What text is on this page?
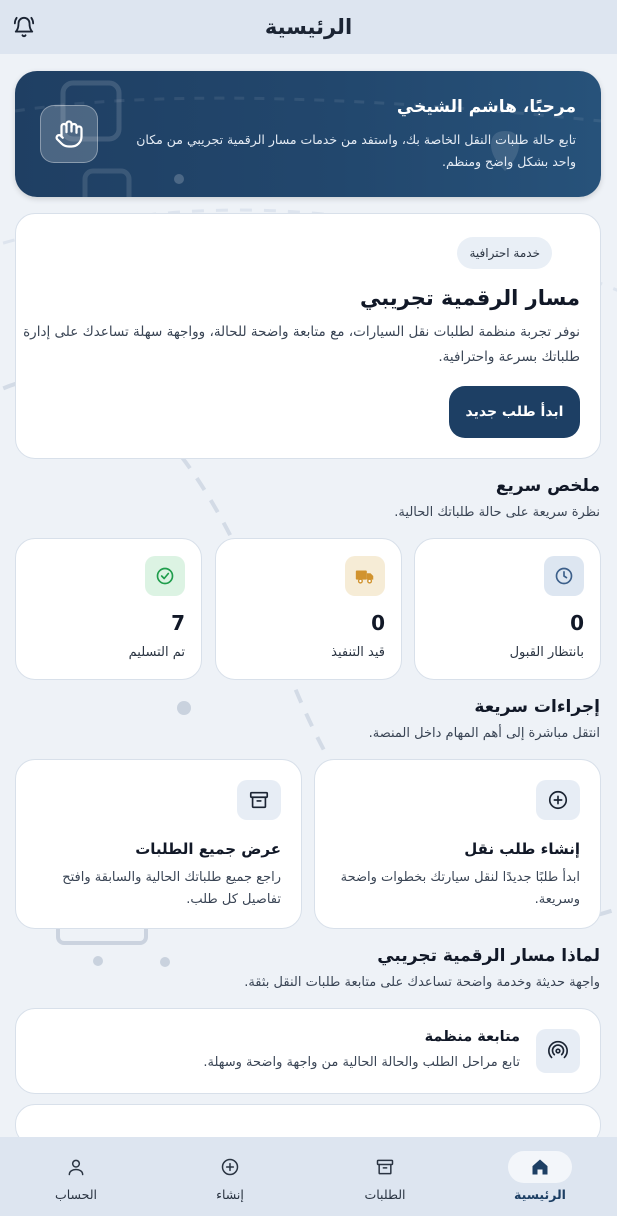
الرئيسية
مرحبًا، هاشم الشيخي

تابع حالة طلبات النقل الخاصة بك، واستفد من خدمات مسار الرقمية تجريبي من مكان واحد بشكل واضح ومنظم.

خدمة احترافية
مسار الرقمية تجريبي

نوفر تجربة منظمة لطلبات نقل السيارات، مع متابعة واضحة للحالة، وواجهة سهلة تساعدك على إدارة طلباتك بسرعة واحترافية.

ابدأ طلب جديد
ملخص سريع

نظرة سريعة على حالة طلباتك الحالية.

0
بانتظار القبول
0
قيد التنفيذ
7
تم التسليم
إجراءات سريعة

انتقل مباشرة إلى أهم المهام داخل المنصة.

إنشاء طلب نقل
ابدأ طلبًا جديدًا لنقل سيارتك بخطوات واضحة وسريعة.
عرض جميع الطلبات
راجع جميع طلباتك الحالية والسابقة وافتح تفاصيل كل طلب.
لماذا مسار الرقمية تجريبي

واجهة حديثة وخدمة واضحة تساعدك على متابعة طلبات النقل بثقة.

متابعة منظمة
تابع مراحل الطلب والحالة الحالية من واجهة واضحة وسهلة.
الرئيسية
الطلبات
إنشاء
الحساب
